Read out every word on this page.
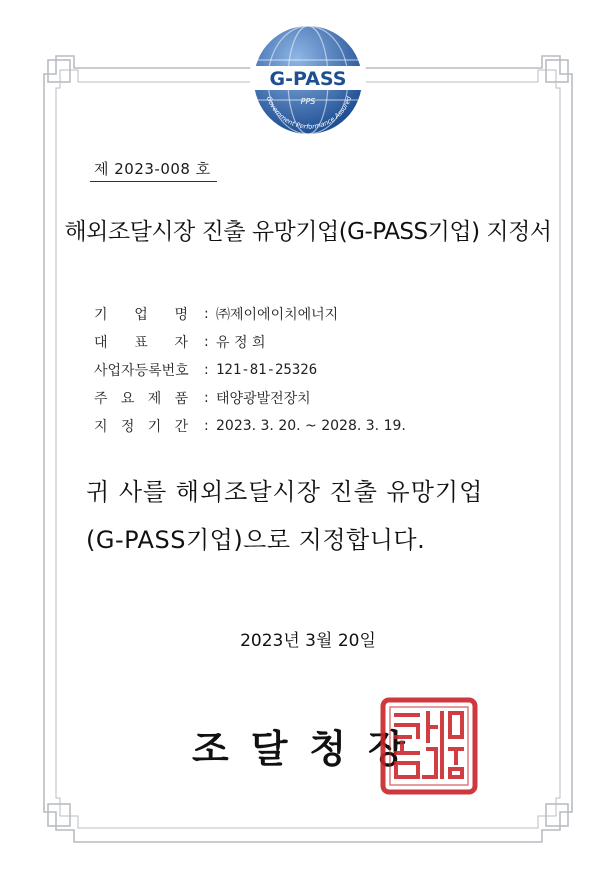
G-PASS
PPS
Government Performance Assured
제 2023-008 호
해외조달시장 진출 유망기업(G-PASS기업) 지정서
기      업      명	: ㈜제이에이치에너지
대      표      자	: 유 정 희
사업자등록번호	: 121-81-25326
주   요   제   품	: 태양광발전장치
지   정   기   간	: 2023. 3. 20. ~ 2028. 3. 19.
귀 사를 해외조달시장 진출 유망기업
(G-PASS기업)으로 지정합니다.
2023년 3월 20일
조달청장
